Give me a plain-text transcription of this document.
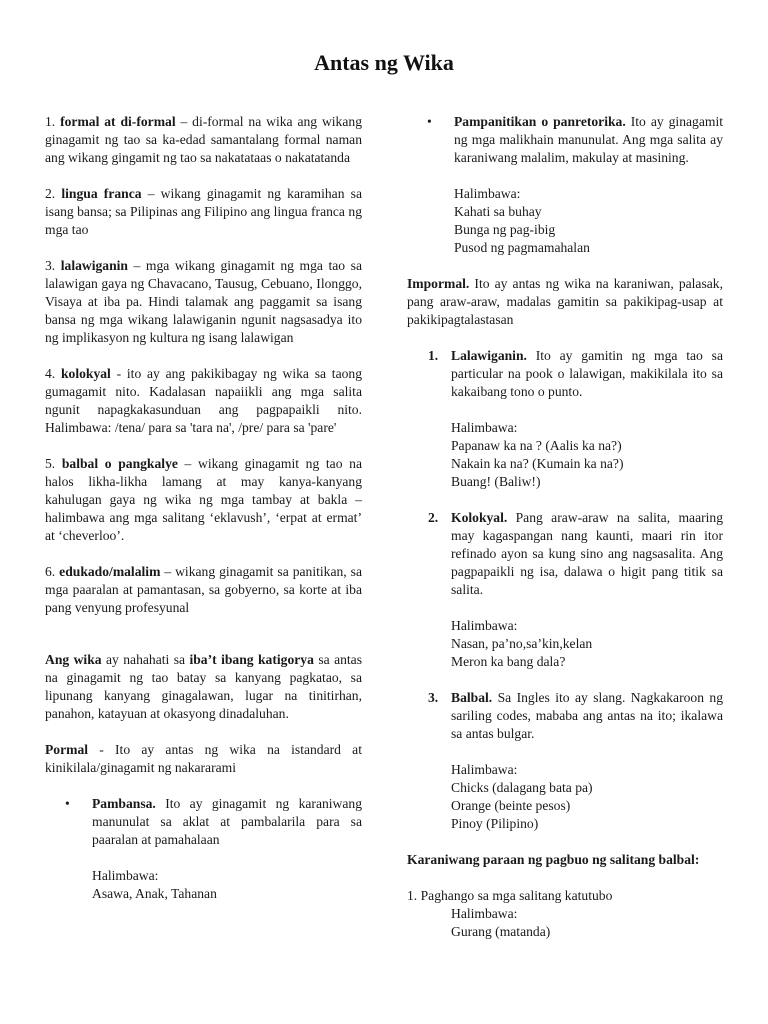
Antas ng Wika

1. formal at di-formal – di-formal na wika ang wikang ginagamit ng tao sa ka-edad samantalang formal naman ang wikang gingamit ng tao sa nakatataas o nakatatanda

2. lingua franca – wikang ginagamit ng karamihan sa isang bansa; sa Pilipinas ang Filipino ang lingua franca ng mga tao

3. lalawiganin – mga wikang ginagamit ng mga tao sa lalawigan gaya ng Chavacano, Tausug, Cebuano, Ilonggo, Visaya at iba pa. Hindi talamak ang paggamit sa isang bansa ng mga wikang lalawiganin ngunit nagsasadya ito ng implikasyon ng kultura ng isang lalawigan

4. kolokyal - ito ay ang pakikibagay ng wika sa taong gumagamit nito. Kadalasan napaiikli ang mga salita ngunit napagkakasunduan ang pagpapaikli nito. Halimbawa: /tena/ para sa 'tara na', /pre/ para sa 'pare'

5. balbal o pangkalye – wikang ginagamit ng tao na halos likha-likha lamang at may kanya-kanyang kahulugan gaya ng wika ng mga tambay at bakla – halimbawa ang mga salitang ‘eklavush’, ‘erpat at ermat’ at ‘cheverloo’.

6. edukado/malalim – wikang ginagamit sa panitikan, sa mga paaralan at pamantasan, sa gobyerno, sa korte at iba pang venyung profesyunal

Ang wika ay nahahati sa iba’t ibang katigorya sa antas na ginagamit ng tao batay sa kanyang pagkatao, sa lipunang kanyang ginagalawan, lugar na tinitirhan, panahon, katayuan at okasyong dinadaluhan.

Pormal - Ito ay antas ng wika na istandard at kinikilala/ginagamit ng nakararami

•	Pambansa. Ito ay ginagamit ng karaniwang manunulat sa aklat at pambalarila para sa paaralan at pamahalaan

Halimbawa:
Asawa, Anak, Tahanan
•	Pampanitikan o panretorika. Ito ay ginagamit ng mga malikhain manunulat. Ang mga salita ay karaniwang malalim, makulay at masining.

Halimbawa:
Kahati sa buhay
Bunga ng pag-ibig
Pusod ng pagmamahalan

Impormal. Ito ay antas ng wika na karaniwan, palasak, pang araw-araw, madalas gamitin sa pakikipag-usap at pakikipagtalastasan

1. Lalawiganin. Ito ay gamitin ng mga tao sa particular na pook o lalawigan, makikilala ito sa kakaibang tono o punto.

Halimbawa:
Papanaw ka na ? (Aalis ka na?)
Nakain ka na? (Kumain ka na?)
Buang! (Baliw!)
2. Kolokyal. Pang araw-araw na salita, maaring may kagaspangan nang kaunti, maari rin itor refinado ayon sa kung sino ang nagsasalita. Ang pagpapaikli ng isa, dalawa o higit pang titik sa salita.

Halimbawa:
Nasan, pa’no,sa’kin,kelan
Meron ka bang dala?
3. Balbal. Sa Ingles ito ay slang. Nagkakaroon ng sariling codes, mababa ang antas na ito; ikalawa sa antas bulgar.

Halimbawa:
Chicks (dalagang bata pa)
Orange (beinte pesos)
Pinoy (Pilipino)

Karaniwang paraan ng pagbuo ng salitang balbal:

1. Paghango sa mga salitang katutubo
Halimbawa:
Gurang (matanda)
